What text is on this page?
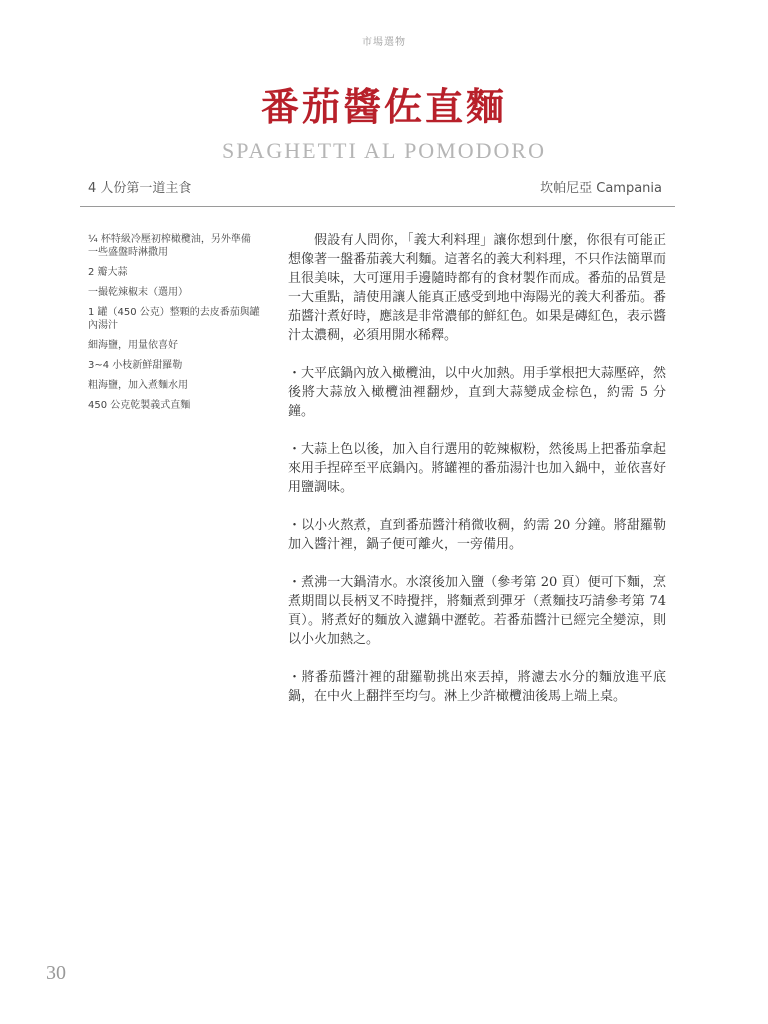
市場選物
番茄醬佐直麵
SPAGHETTI AL POMODORO
4 人份第一道主食	坎帕尼亞 Campania
¼ 杯特級冷壓初榨橄欖油，另外準備一些盛盤時淋撒用
2 瓣大蒜
一撮乾辣椒末（選用）
1 罐（450 公克）整顆的去皮番茄與罐內湯汁
細海鹽，用量依喜好
3~4 小枝新鮮甜羅勒
粗海鹽，加入煮麵水用
450 公克乾製義式直麵

假設有人問你，「義大利料理」讓你想到什麼，你很有可能正想像著一盤番茄義大利麵。這著名的義大利料理，不只作法簡單而且很美味，大可運用手邊隨時都有的食材製作而成。番茄的品質是一大重點，請使用讓人能真正感受到地中海陽光的義大利番茄。番茄醬汁煮好時，應該是非常濃郁的鮮紅色。如果是磚紅色，表示醬汁太濃稠，必須用開水稀釋。

・大平底鍋內放入橄欖油，以中火加熱。用手掌根把大蒜壓碎，然後將大蒜放入橄欖油裡翻炒，直到大蒜變成金棕色，約需 5 分鐘。

・大蒜上色以後，加入自行選用的乾辣椒粉，然後馬上把番茄拿起來用手捏碎至平底鍋內。將罐裡的番茄湯汁也加入鍋中，並依喜好用鹽調味。

・以小火熬煮，直到番茄醬汁稍微收稠，約需 20 分鐘。將甜羅勒加入醬汁裡，鍋子便可離火，一旁備用。

・煮沸一大鍋清水。水滾後加入鹽（參考第 20 頁）便可下麵，烹煮期間以長柄叉不時攪拌，將麵煮到彈牙（煮麵技巧請參考第 74 頁）。將煮好的麵放入濾鍋中瀝乾。若番茄醬汁已經完全變涼，則以小火加熱之。

・將番茄醬汁裡的甜羅勒挑出來丟掉，將濾去水分的麵放進平底鍋，在中火上翻拌至均勻。淋上少許橄欖油後馬上端上桌。

30
